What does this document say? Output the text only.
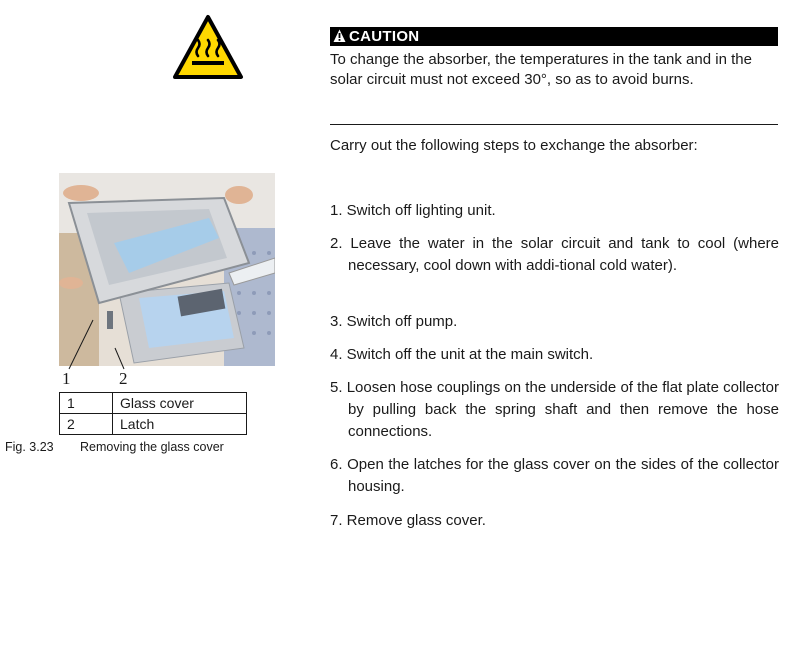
1	2
1	Glass cover
2	Latch
Fig. 3.23 Removing the glass cover
CAUTION
To change the absorber, the temperatures in the tank and in the solar circuit must not exceed 30°, so as to avoid burns.
Carry out the following steps to exchange the absorber:
1. Switch off lighting unit.
2. Leave the water in the solar circuit and tank to cool (where necessary, cool down with addi-tional cold water).
3. Switch off pump.
4. Switch off the unit at the main switch.
5. Loosen hose couplings on the underside of the flat plate collector by pulling back the spring shaft and then remove the hose connections.
6. Open the latches for the glass cover on the sides of the collector housing.
7. Remove glass cover.
